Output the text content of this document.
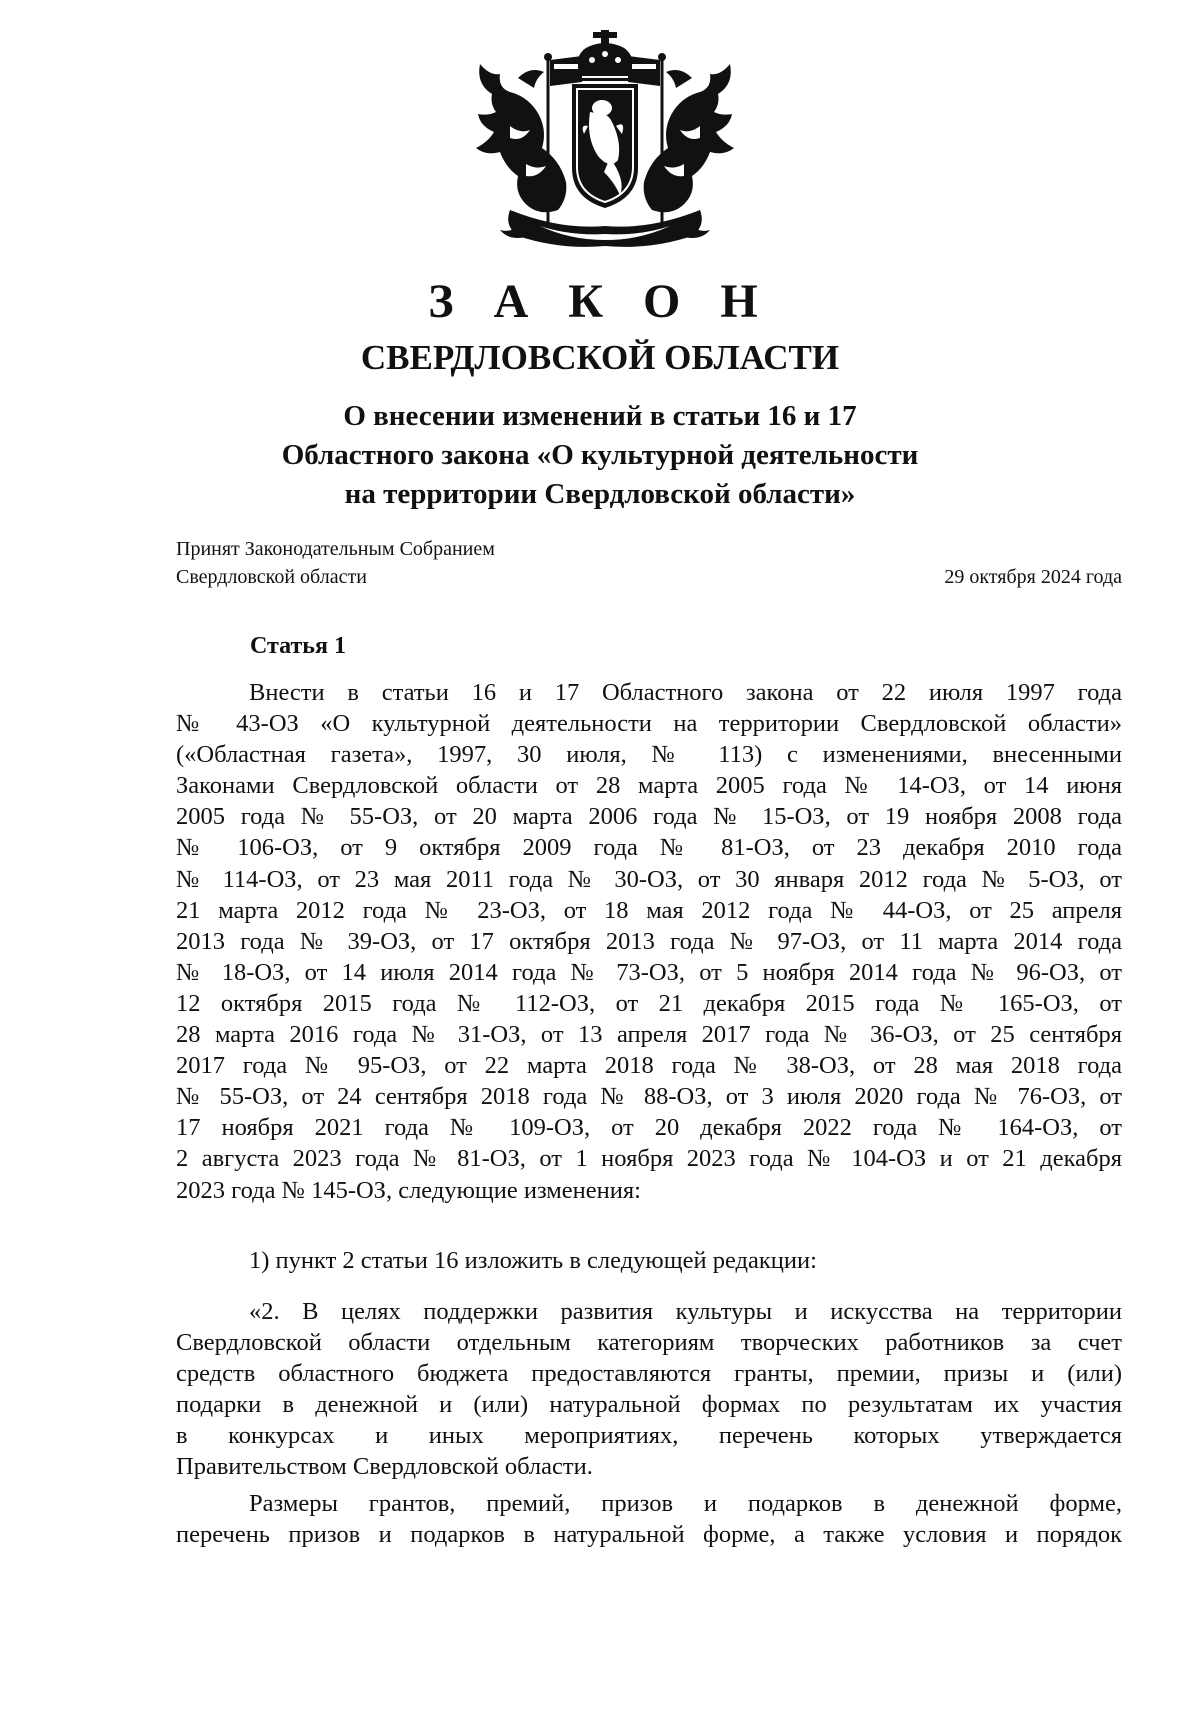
З А К О Н
СВЕРДЛОВСКОЙ ОБЛАСТИ
О внесении изменений в статьи 16 и 17
Областного закона «О культурной деятельности
на территории Свердловской области»
Принят Законодательным Собранием
Свердловской области	29 октября 2024 года
Статья 1
Внести в статьи 16 и 17 Областного закона от 22 июля 1997 года
№ 43-ОЗ «О культурной деятельности на территории Свердловской области»
(«Областная газета», 1997, 30 июля, № 113) с изменениями, внесенными
Законами Свердловской области от 28 марта 2005 года № 14-ОЗ, от 14 июня
2005 года № 55-ОЗ, от 20 марта 2006 года № 15-ОЗ, от 19 ноября 2008 года
№ 106-ОЗ, от 9 октября 2009 года № 81-ОЗ, от 23 декабря 2010 года
№ 114-ОЗ, от 23 мая 2011 года № 30-ОЗ, от 30 января 2012 года № 5-ОЗ, от
21 марта 2012 года № 23-ОЗ, от 18 мая 2012 года № 44-ОЗ, от 25 апреля
2013 года № 39-ОЗ, от 17 октября 2013 года № 97-ОЗ, от 11 марта 2014 года
№ 18-ОЗ, от 14 июля 2014 года № 73-ОЗ, от 5 ноября 2014 года № 96-ОЗ, от
12 октября 2015 года № 112-ОЗ, от 21 декабря 2015 года № 165-ОЗ, от
28 марта 2016 года № 31-ОЗ, от 13 апреля 2017 года № 36-ОЗ, от 25 сентября
2017 года № 95-ОЗ, от 22 марта 2018 года № 38-ОЗ, от 28 мая 2018 года
№ 55-ОЗ, от 24 сентября 2018 года № 88-ОЗ, от 3 июля 2020 года № 76-ОЗ, от
17 ноября 2021 года № 109-ОЗ, от 20 декабря 2022 года № 164-ОЗ, от
2 августа 2023 года № 81-ОЗ, от 1 ноября 2023 года № 104-ОЗ и от 21 декабря
2023 года № 145-ОЗ, следующие изменения:
1) пункт 2 статьи 16 изложить в следующей редакции:
«2. В целях поддержки развития культуры и искусства на территории
Свердловской области отдельным категориям творческих работников за счет
средств областного бюджета предоставляются гранты, премии, призы и (или)
подарки в денежной и (или) натуральной формах по результатам их участия
в конкурсах и иных мероприятиях, перечень которых утверждается
Правительством Свердловской области.
Размеры грантов, премий, призов и подарков в денежной форме,
перечень призов и подарков в натуральной форме, а также условия и порядок
